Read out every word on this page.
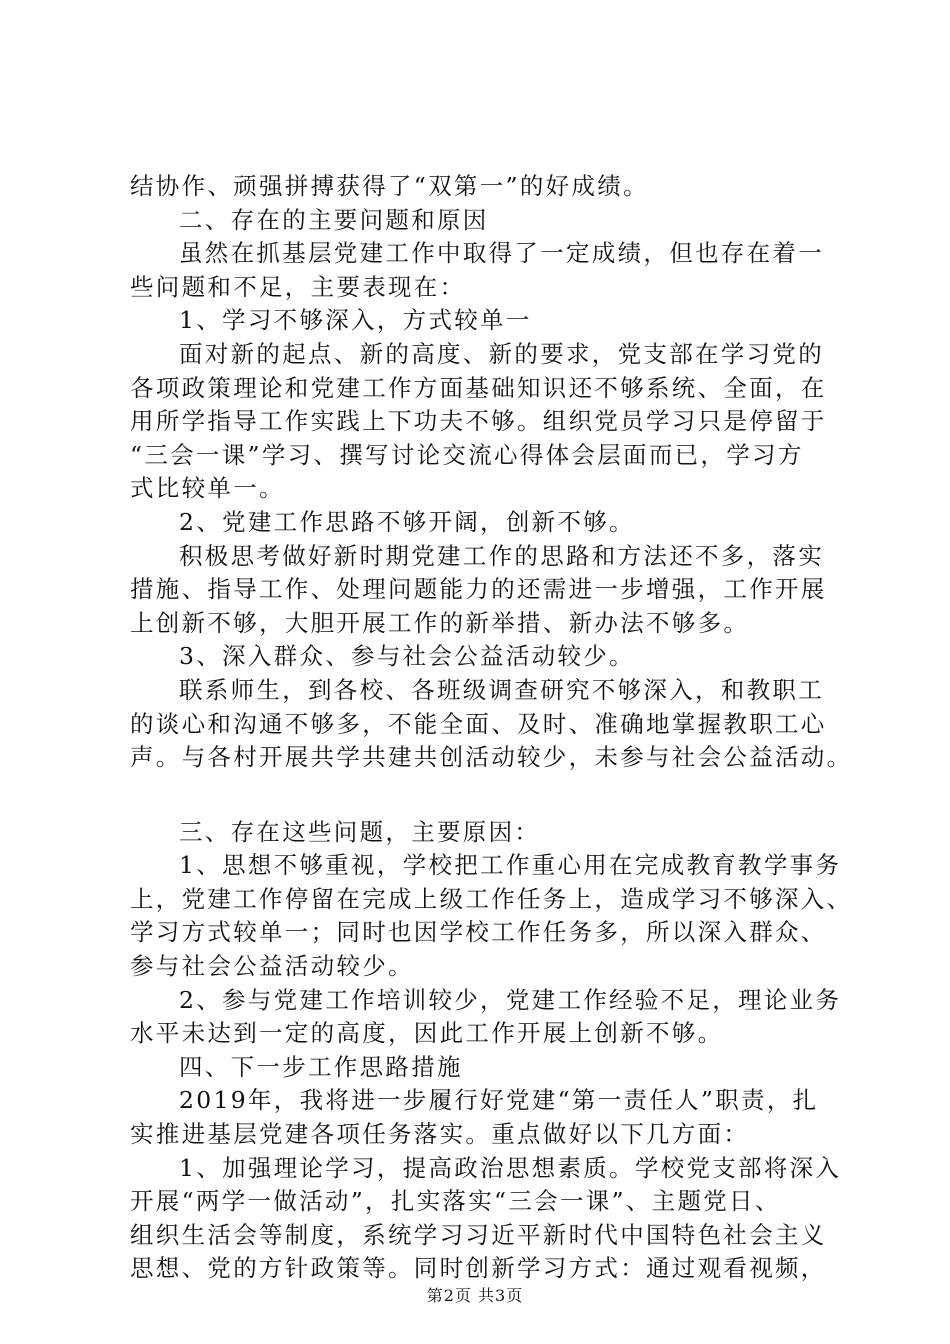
结协作、顽强拼搏获得了“双第一”的好成绩。
二、存在的主要问题和原因
虽然在抓基层党建工作中取得了一定成绩，但也存在着一
些问题和不足，主要表现在：
1、学习不够深入，方式较单一
面对新的起点、新的高度、新的要求，党支部在学习党的
各项政策理论和党建工作方面基础知识还不够系统、全面，在
用所学指导工作实践上下功夫不够。组织党员学习只是停留于
“三会一课”学习、撰写讨论交流心得体会层面而已，学习方
式比较单一。
2、党建工作思路不够开阔，创新不够。
积极思考做好新时期党建工作的思路和方法还不多，落实
措施、指导工作、处理问题能力的还需进一步增强，工作开展
上创新不够，大胆开展工作的新举措、新办法不够多。
3、深入群众、参与社会公益活动较少。
联系师生，到各校、各班级调查研究不够深入，和教职工
的谈心和沟通不够多，不能全面、及时、准确地掌握教职工心
声。与各村开展共学共建共创活动较少，未参与社会公益活动。
三、存在这些问题，主要原因：
1、思想不够重视，学校把工作重心用在完成教育教学事务
上，党建工作停留在完成上级工作任务上，造成学习不够深入、
学习方式较单一；同时也因学校工作任务多，所以深入群众、
参与社会公益活动较少。
2、参与党建工作培训较少，党建工作经验不足，理论业务
水平未达到一定的高度，因此工作开展上创新不够。
四、下一步工作思路措施
2019年，我将进一步履行好党建“第一责任人”职责，扎
实推进基层党建各项任务落实。重点做好以下几方面：
1、加强理论学习，提高政治思想素质。学校党支部将深入
开展“两学一做活动”，扎实落实“三会一课”、主题党日、
组织生活会等制度，系统学习习近平新时代中国特色社会主义
思想、党的方针政策等。同时创新学习方式：通过观看视频，
第2页 共3页
